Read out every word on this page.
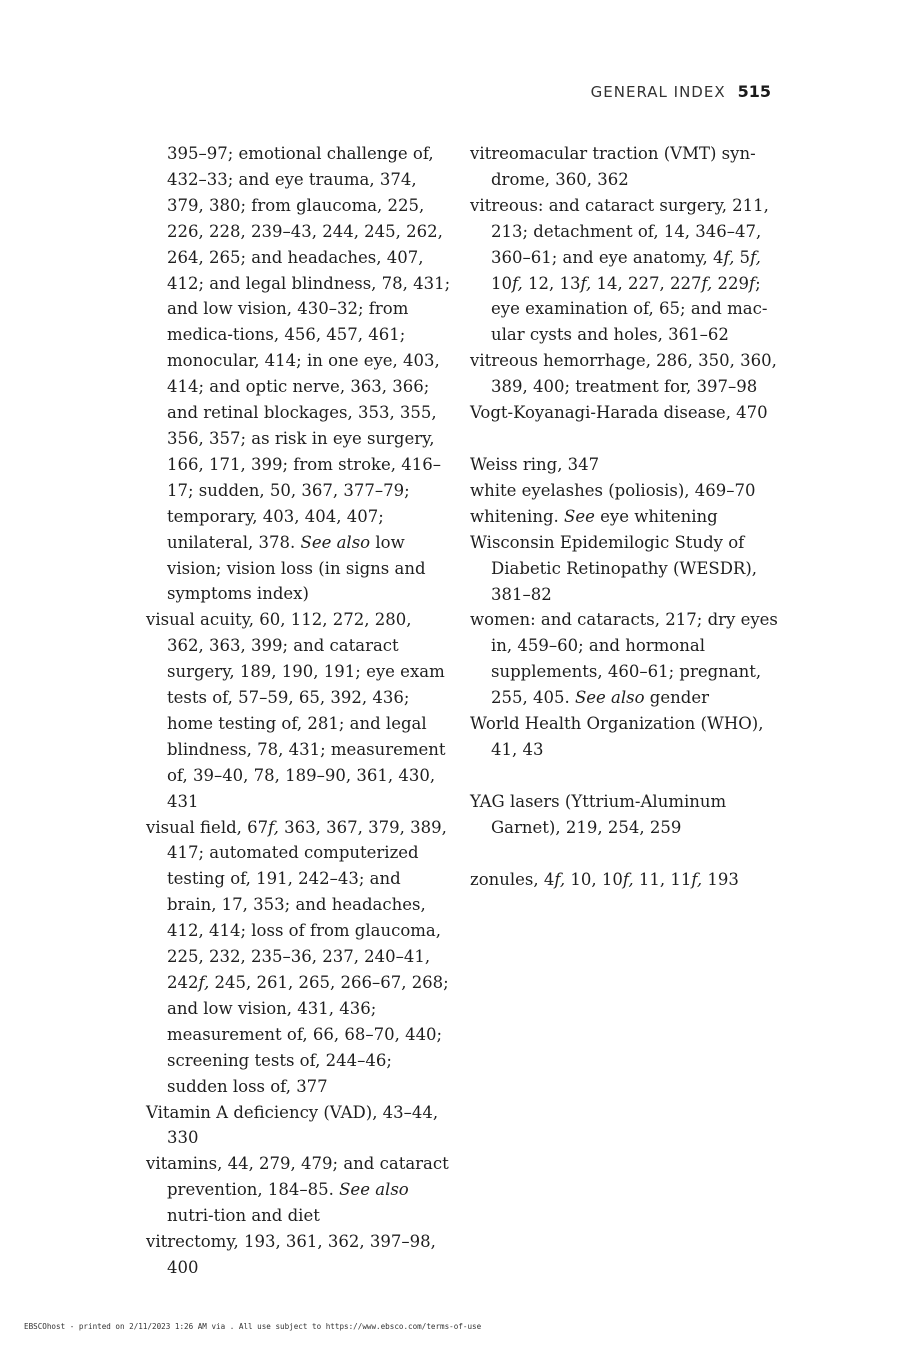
GENERAL INDEX 515

395–97; emotional challenge of, 432–33; and eye trauma, 374, 379, 380; from glaucoma, 225, 226, 228, 239–43, 244, 245, 262, 264, 265; and headaches, 407, 412; and legal blindness, 78, 431; and low vision, 430–32; from medica-tions, 456, 457, 461; monocular, 414; in one eye, 403, 414; and optic nerve, 363, 366; and retinal blockages, 353, 355, 356, 357; as risk in eye surgery, 166, 171, 399; from stroke, 416–17; sudden, 50, 367, 377–79; temporary, 403, 404, 407; unilateral, 378. See also low vision; vision loss (in signs and symptoms index)

visual acuity, 60, 112, 272, 280, 362, 363, 399; and cataract surgery, 189, 190, 191; eye exam tests of, 57–59, 65, 392, 436; home testing of, 281; and legal blindness, 78, 431; measurement of, 39–40, 78, 189–90, 361, 430, 431

visual field, 67f, 363, 367, 379, 389, 417; automated computerized testing of, 191, 242–43; and brain, 17, 353; and headaches, 412, 414; loss of from glaucoma, 225, 232, 235–36, 237, 240–41, 242f, 245, 261, 265, 266–67, 268; and low vision, 431, 436; measurement of, 66, 68–70, 440; screening tests of, 244–46; sudden loss of, 377

Vitamin A deficiency (VAD), 43–44, 330

vitamins, 44, 279, 479; and cataract prevention, 184–85. See also nutri-tion and diet

vitrectomy, 193, 361, 362, 397–98, 400

vitreomacular traction (VMT) syn-drome, 360, 362

vitreous: and cataract surgery, 211, 213; detachment of, 14, 346–47, 360–61; and eye anatomy, 4f, 5f, 10f, 12, 13f, 14, 227, 227f, 229f; eye examination of, 65; and mac-ular cysts and holes, 361–62

vitreous hemorrhage, 286, 350, 360, 389, 400; treatment for, 397–98

Vogt-Koyanagi-Harada disease, 470

Weiss ring, 347

white eyelashes (poliosis), 469–70

whitening. See eye whitening

Wisconsin Epidemilogic Study of Diabetic Retinopathy (WESDR), 381–82

women: and cataracts, 217; dry eyes in, 459–60; and hormonal supplements, 460–61; pregnant, 255, 405. See also gender

World Health Organization (WHO), 41, 43

YAG lasers (Yttrium-Aluminum Garnet), 219, 254, 259

zonules, 4f, 10, 10f, 11, 11f, 193

EBSCOhost - printed on 2/11/2023 1:26 AM via . All use subject to https://www.ebsco.com/terms-of-use
